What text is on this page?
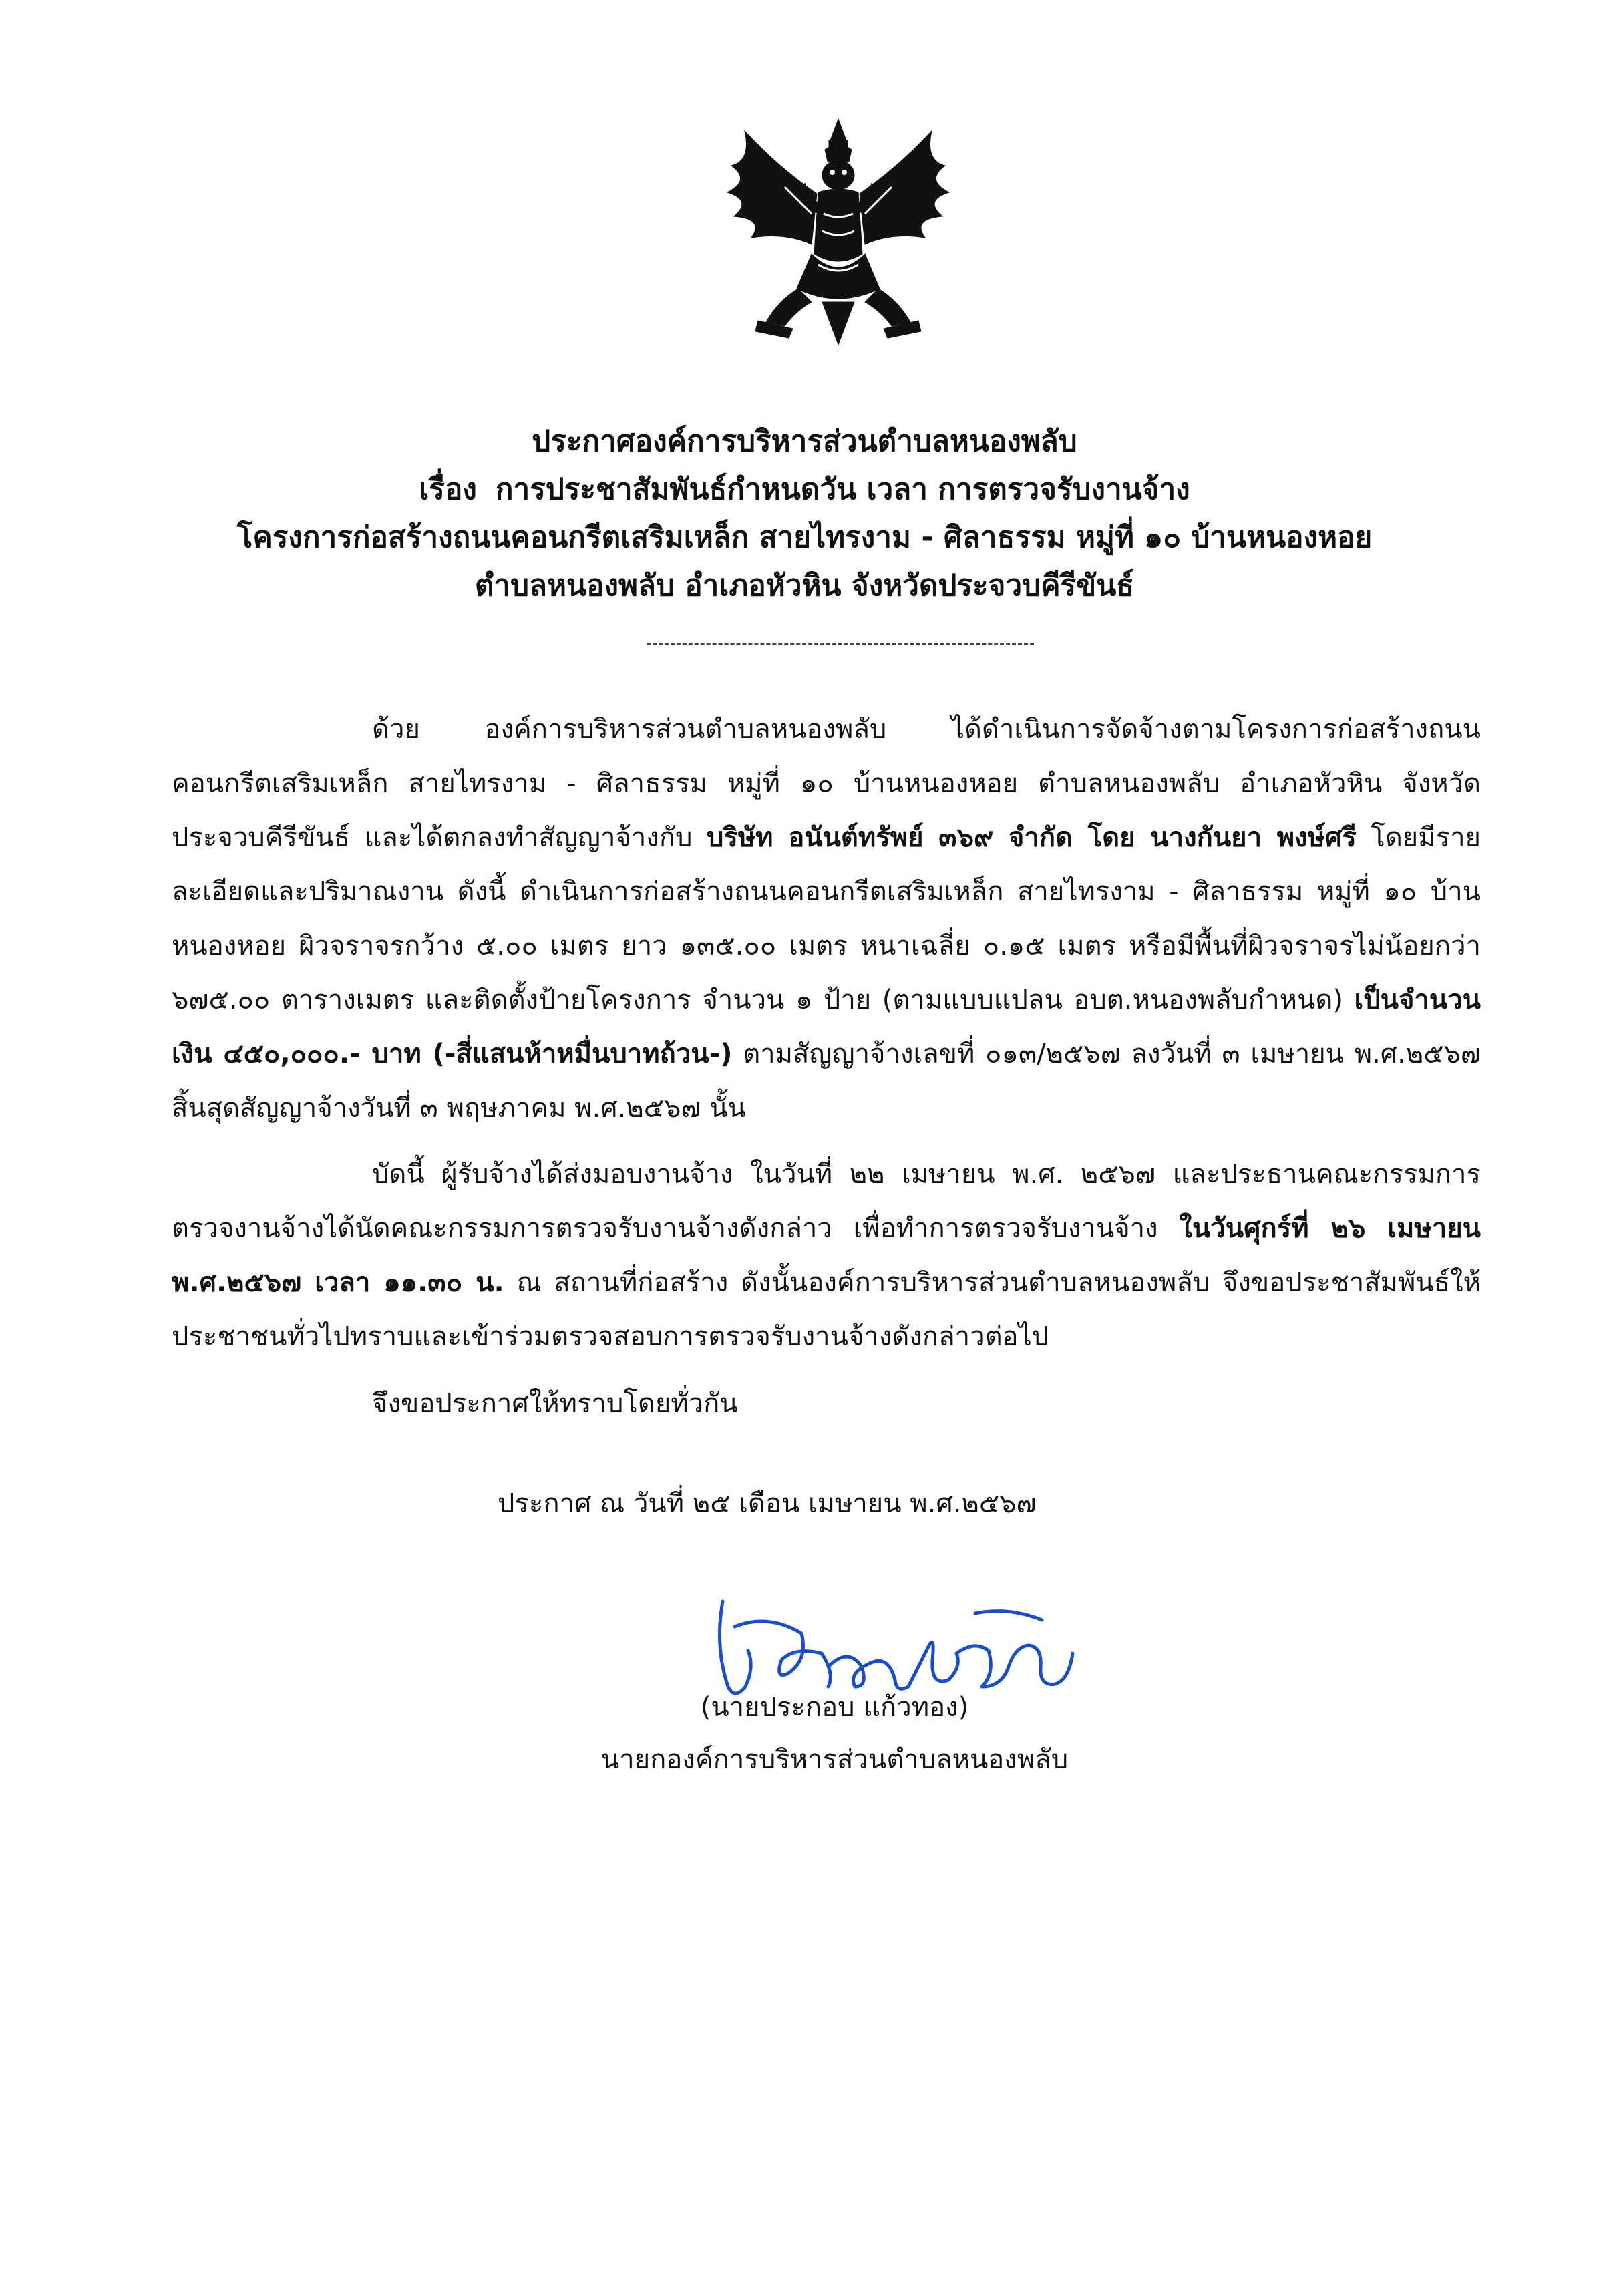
ประกาศองค์การบริหารส่วนตำบลหนองพลับ
เรื่อง การประชาสัมพันธ์กำหนดวัน เวลา การตรวจรับงานจ้าง
โครงการก่อสร้างถนนคอนกรีตเสริมเหล็ก สายไทรงาม - ศิลาธรรม หมู่ที่ ๑๐ บ้านหนองหอย
ตำบลหนองพลับ อำเภอหัวหิน จังหวัดประจวบคีรีขันธ์

ด้วย องค์การบริหารส่วนตำบลหนองพลับ ได้ดำเนินการจัดจ้างตามโครงการก่อสร้างถนนคอนกรีตเสริมเหล็ก สายไทรงาม - ศิลาธรรม หมู่ที่ ๑๐ บ้านหนองหอย ตำบลหนองพลับ อำเภอหัวหิน จังหวัดประจวบคีรีขันธ์ และได้ตกลงทำสัญญาจ้างกับ บริษัท อนันต์ทรัพย์ ๓๖๙ จำกัด โดย นางกันยา พงษ์ศรี โดยมีรายละเอียดและปริมาณงาน ดังนี้ ดำเนินการก่อสร้างถนนคอนกรีตเสริมเหล็ก สายไทรงาม - ศิลาธรรม หมู่ที่ ๑๐ บ้านหนองหอย ผิวจราจรกว้าง ๕.๐๐ เมตร ยาว ๑๓๕.๐๐ เมตร หนาเฉลี่ย ๐.๑๕ เมตร หรือมีพื้นที่ผิวจราจรไม่น้อยกว่า ๖๗๕.๐๐ ตารางเมตร และติดตั้งป้ายโครงการ จำนวน ๑ ป้าย (ตามแบบแปลน อบต.หนองพลับกำหนด) เป็นจำนวนเงิน ๔๕๐,๐๐๐.- บาท (-สี่แสนห้าหมื่นบาทถ้วน-) ตามสัญญาจ้างเลขที่ ๐๑๓/๒๕๖๗ ลงวันที่ ๓ เมษายน พ.ศ.๒๕๖๗ สิ้นสุดสัญญาจ้างวันที่ ๓ พฤษภาคม พ.ศ.๒๕๖๗ นั้น

บัดนี้ ผู้รับจ้างได้ส่งมอบงานจ้าง ในวันที่ ๒๒ เมษายน พ.ศ. ๒๕๖๗ และประธานคณะกรรมการตรวจงานจ้างได้นัดคณะกรรมการตรวจรับงานจ้างดังกล่าว เพื่อทำการตรวจรับงานจ้าง ในวันศุกร์ที่ ๒๖ เมษายน พ.ศ.๒๕๖๗ เวลา ๑๑.๓๐ น. ณ สถานที่ก่อสร้าง ดังนั้นองค์การบริหารส่วนตำบลหนองพลับ จึงขอประชาสัมพันธ์ให้ประชาชนทั่วไปทราบและเข้าร่วมตรวจสอบการตรวจรับงานจ้างดังกล่าวต่อไป

จึงขอประกาศให้ทราบโดยทั่วกัน
ประกาศ ณ วันที่ ๒๕ เดือน เมษายน พ.ศ.๒๕๖๗
(นายประกอบ แก้วทอง)
นายกองค์การบริหารส่วนตำบลหนองพลับ
